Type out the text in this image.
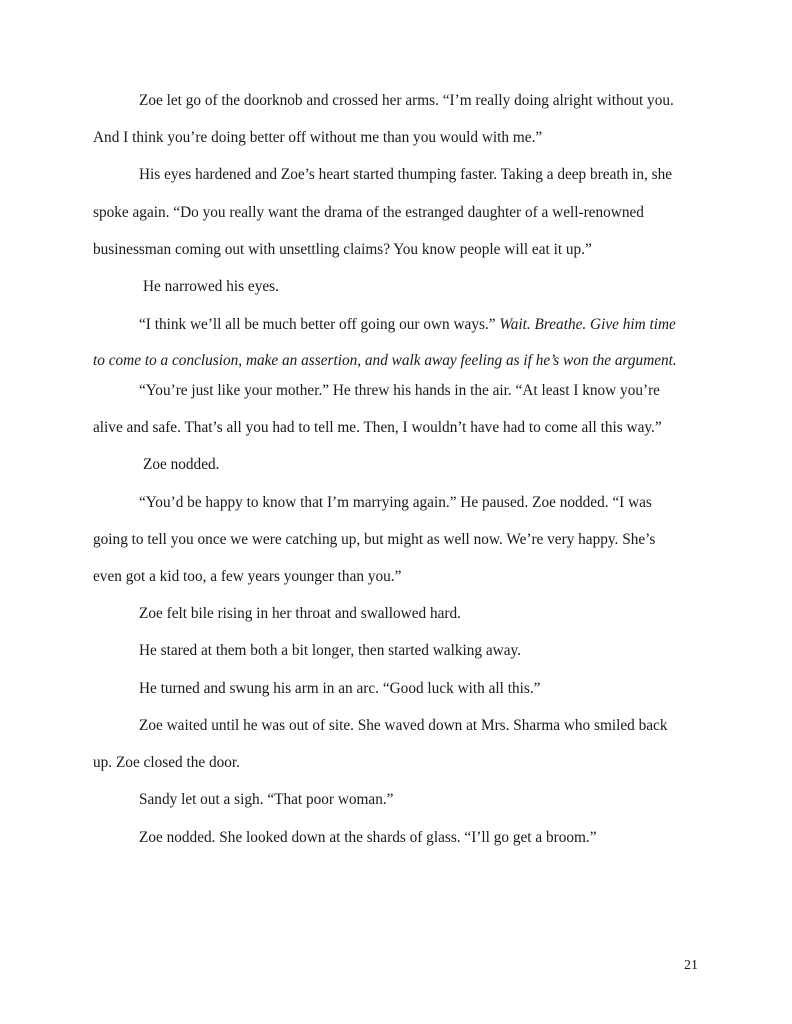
Zoe let go of the doorknob and crossed her arms. “I’m really doing alright without you.
And I think you’re doing better off without me than you would with me.”
His eyes hardened and Zoe’s heart started thumping faster. Taking a deep breath in, she
spoke again. “Do you really want the drama of the estranged daughter of a well-renowned
businessman coming out with unsettling claims? You know people will eat it up.”
He narrowed his eyes.
“I think we’ll all be much better off going our own ways.” Wait. Breathe. Give him time
to come to a conclusion, make an assertion, and walk away feeling as if he’s won the argument.
“You’re just like your mother.” He threw his hands in the air. “At least I know you’re
alive and safe. That’s all you had to tell me. Then, I wouldn’t have had to come all this way.”
Zoe nodded.
“You’d be happy to know that I’m marrying again.” He paused. Zoe nodded. “I was
going to tell you once we were catching up, but might as well now. We’re very happy. She’s
even got a kid too, a few years younger than you.”
Zoe felt bile rising in her throat and swallowed hard.
He stared at them both a bit longer, then started walking away.
He turned and swung his arm in an arc. “Good luck with all this.”
Zoe waited until he was out of site. She waved down at Mrs. Sharma who smiled back
up. Zoe closed the door.
Sandy let out a sigh. “That poor woman.”
Zoe nodded. She looked down at the shards of glass. “I’ll go get a broom.”
21
